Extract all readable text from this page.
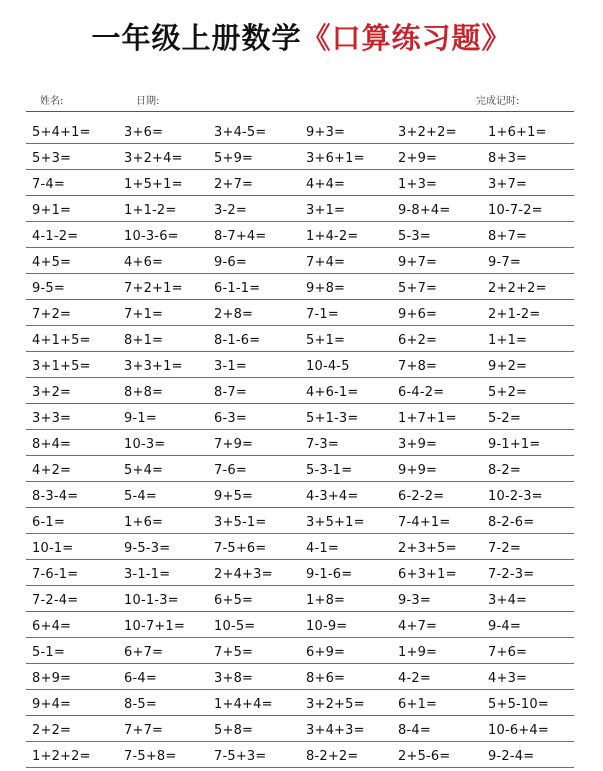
一年级上册数学《口算练习题》
姓名:	日期:	完成记时:
5+4+1=	3+6=	3+4-5=	9+3=	3+2+2= 1+6+1=
5+3=	3+2+4= 5+9=	3+6+1=	2+9=	8+3=
7-4=	1+5+1= 2+7=	4+4=	1+3=	3+7=
9+1=	1+1-2=	3-2=	3+1=	9-8+4=	10-7-2=
4-1-2=	10-3-6=	8-7+4=	1+4-2=	5-3=	8+7=
4+5=	4+6=	9-6=	7+4=	9+7=	9-7=
9-5=	7+2+1= 6-1-1=	9+8=	5+7=	2+2+2=
7+2=	7+1=	2+8=	7-1=	9+6=	2+1-2=
4+1+5=	8+1=	8-1-6=	5+1=	6+2=	1+1=
3+1+5=	3+3+1= 3-1=	10-4-5	7+8=	9+2=
3+2=	8+8=	8-7=	4+6-1=	6-4-2=	5+2=
3+3=	9-1=	6-3=	5+1-3=	1+7+1= 5-2=
8+4=	10-3=	7+9=	7-3=	3+9=	9-1+1=
4+2=	5+4=	7-6=	5-3-1=	9+9=	8-2=
8-3-4=	5-4=	9+5=	4-3+4=	6-2-2=	10-2-3=
6-1=	1+6=	3+5-1=	3+5+1=	7-4+1=	8-2-6=
10-1=	9-5-3=	7-5+6=	4-1=	2+3+5= 7-2=
7-6-1=	3-1-1=	2+4+3=	9-1-6=	6+3+1= 7-2-3=
7-2-4=	10-1-3=	6+5=	1+8=	9-3=	3+4=
6+4=	10-7+1= 10-5=	10-9=	4+7=	9-4=
5-1=	6+7=	7+5=	6+9=	1+9=	7+6=
8+9=	6-4=	3+8=	8+6=	4-2=	4+3=
9+4=	8-5=	1+4+4=	3+2+5=	6+1=	5+5-10=
2+2=	7+7=	5+8=	3+4+3=	8-4=	10-6+4=
1+2+2=	7-5+8=	7-5+3=	8-2+2=	2+5-6=	9-2-4=
